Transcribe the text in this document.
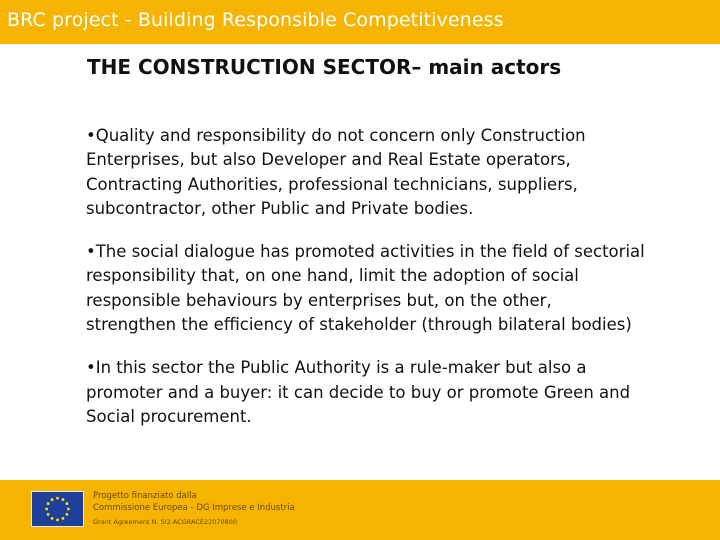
BRC project - Building Responsible Competitiveness
THE CONSTRUCTION SECTOR– main actors

•Quality and responsibility do not concern only Construction Enterprises, but also Developer and Real Estate operators, Contracting Authorities, professional technicians, suppliers, subcontractor, other Public and Private bodies.

•The social dialogue has promoted activities in the field of sectorial responsibility that, on one hand, limit the adoption of social responsible behaviours by enterprises but, on the other, strengthen the efficiency of stakeholder (through bilateral bodies)

•In this sector the Public Authority is a rule-maker but also a promoter and a buyer: it can decide to buy or promote Green and Social procurement.

Progetto finanziato dalla
Commissione Europea - DG Imprese e Industria
Grant Agreement N. SI2.ACGRACE22070800
